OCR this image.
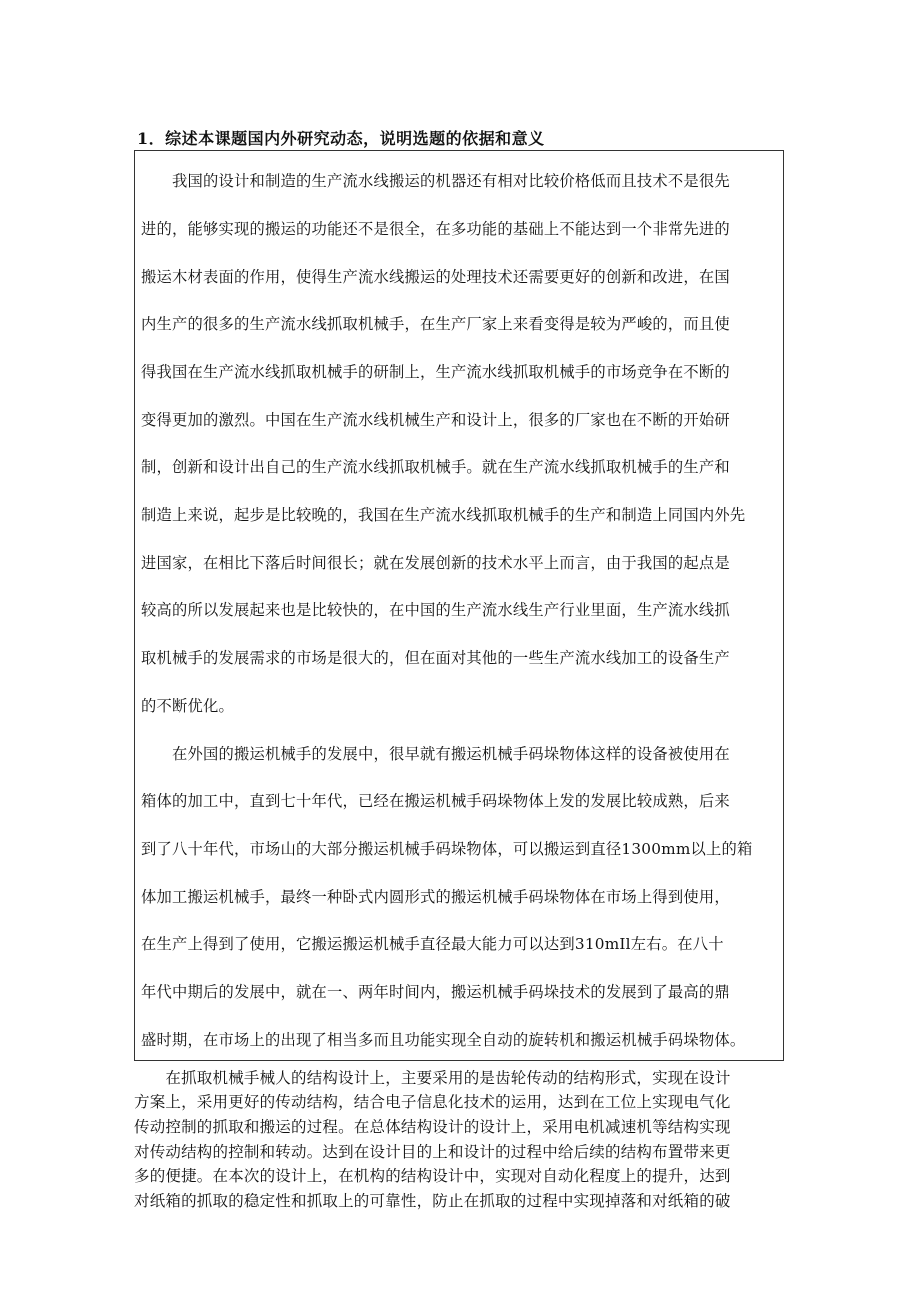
1．综述本课题国内外研究动态，说明选题的依据和意义
　　我国的设计和制造的生产流水线搬运的机器还有相对比较价格低而且技术不是很先
进的，能够实现的搬运的功能还不是很全，在多功能的基础上不能达到一个非常先进的
搬运木材表面的作用，使得生产流水线搬运的处理技术还需要更好的创新和改进，在国
内生产的很多的生产流水线抓取机械手，在生产厂家上来看变得是较为严峻的，而且使
得我国在生产流水线抓取机械手的研制上，生产流水线抓取机械手的市场竞争在不断的
变得更加的激烈。中国在生产流水线机械生产和设计上，很多的厂家也在不断的开始研
制，创新和设计出自己的生产流水线抓取机械手。就在生产流水线抓取机械手的生产和
制造上来说，起步是比较晚的，我国在生产流水线抓取机械手的生产和制造上同国内外先
进国家，在相比下落后时间很长；就在发展创新的技术水平上而言，由于我国的起点是
较高的所以发展起来也是比较快的，在中国的生产流水线生产行业里面，生产流水线抓
取机械手的发展需求的市场是很大的，但在面对其他的一些生产流水线加工的设备生产
的不断优化。
　　在外国的搬运机械手的发展中，很早就有搬运机械手码垛物体这样的设备被使用在
箱体的加工中，直到七十年代，已经在搬运机械手码垛物体上发的发展比较成熟，后来
到了八十年代，市场山的大部分搬运机械手码垛物体，可以搬运到直径1300mm以上的箱
体加工搬运机械手，最终一种卧式内圆形式的搬运机械手码垛物体在市场上得到使用，
在生产上得到了使用，它搬运搬运机械手直径最大能力可以达到310mIl左右。在八十
年代中期后的发展中，就在一、两年时间内，搬运机械手码垛技术的发展到了最高的鼎
盛时期，在市场上的出现了相当多而且功能实现全自动的旋转机和搬运机械手码垛物体。
　　在抓取机械手械人的结构设计上，主要采用的是齿轮传动的结构形式，实现在设计
方案上，采用更好的传动结构，结合电子信息化技术的运用，达到在工位上实现电气化
传动控制的抓取和搬运的过程。在总体结构设计的设计上，采用电机减速机等结构实现
对传动结构的控制和转动。达到在设计目的上和设计的过程中给后续的结构布置带来更
多的便捷。在本次的设计上，在机构的结构设计中，实现对自动化程度上的提升，达到
对纸箱的抓取的稳定性和抓取上的可靠性，防止在抓取的过程中实现掉落和对纸箱的破
